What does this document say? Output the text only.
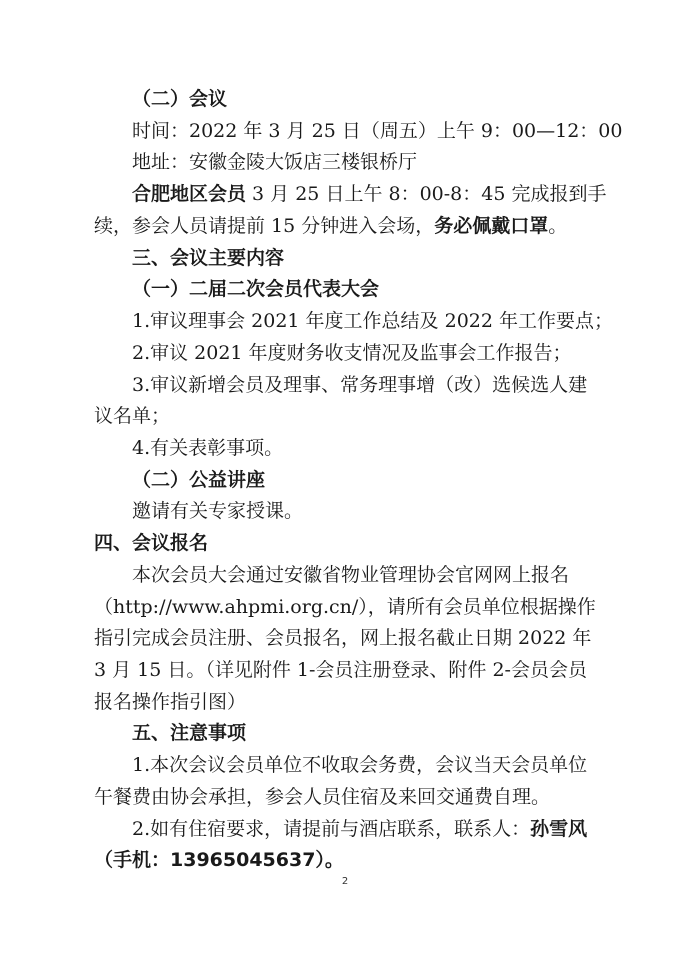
（二）会议
时间：2022 年 3 月 25 日（周五）上午 9：00—12：00
地址：安徽金陵大饭店三楼银桥厅
合肥地区会员 3 月 25 日上午 8：00-8：45 完成报到手
续，参会人员请提前 15 分钟进入会场，务必佩戴口罩。
三、会议主要内容
（一）二届二次会员代表大会
1.审议理事会 2021 年度工作总结及 2022 年工作要点；
2.审议 2021 年度财务收支情况及监事会工作报告；
3.审议新增会员及理事、常务理事增（改）选候选人建
议名单；
4.有关表彰事项。
（二）公益讲座
邀请有关专家授课。
四、会议报名
本次会员大会通过安徽省物业管理协会官网网上报名
（http://www.ahpmi.org.cn/），请所有会员单位根据操作
指引完成会员注册、会员报名，网上报名截止日期 2022 年
3 月 15 日。（详见附件 1-会员注册登录、附件 2-会员会员
报名操作指引图）
五、注意事项
1.本次会议会员单位不收取会务费，会议当天会员单位
午餐费由协会承担，参会人员住宿及来回交通费自理。
2.如有住宿要求，请提前与酒店联系，联系人：孙雪风
（手机：13965045637）。
2
